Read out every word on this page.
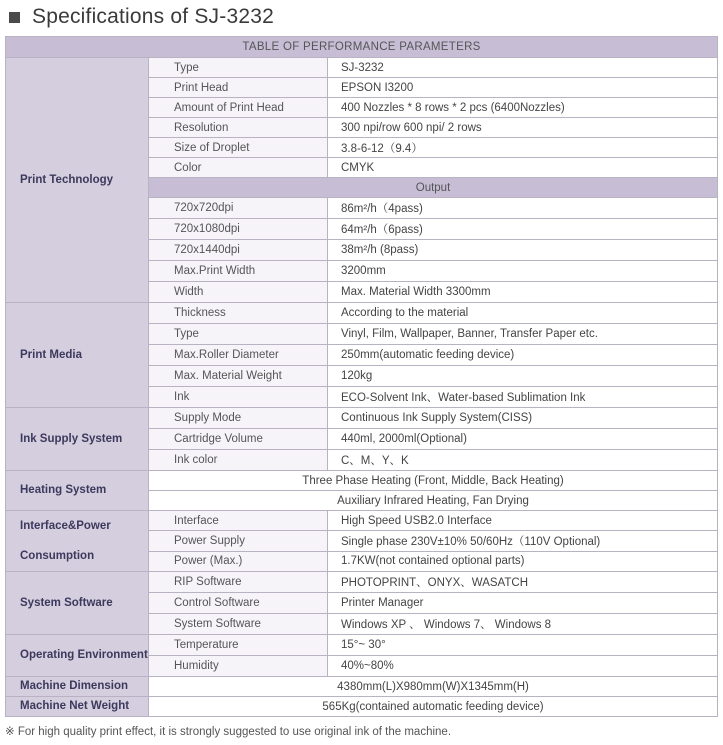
Specifications of SJ-3232
TABLE OF PERFORMANCE PARAMETERS		
Print Technology	Type	SJ-3232
	Print Head	EPSON I3200
	Amount of Print Head	400 Nozzles * 8 rows * 2 pcs (6400Nozzles)
	Resolution	300 npi/row 600 npi/ 2 rows
	Size of Droplet	3.8-6-12（9.4）
	Color	CMYK
	Output	
	720x720dpi	86m²/h（4pass)
	720x1080dpi	64m²/h（6pass)
	720x1440dpi	38m²/h (8pass)
	Max.Print Width	3200mm
	Width	Max. Material Width 3300mm
Print Media	Thickness	According to the material
	Type	Vinyl, Film, Wallpaper, Banner, Transfer Paper etc.
	Max.Roller Diameter	250mm(automatic feeding device)
	Max. Material Weight	120kg
	Ink	ECO-Solvent Ink、Water-based Sublimation Ink
Ink Supply System	Supply Mode	Continuous Ink Supply System(CISS)
	Cartridge Volume	440ml, 2000ml(Optional)
	Ink color	C、M、Y、K
Heating System	Three Phase Heating (Front, Middle, Back Heating)	
	Auxiliary Infrared Heating, Fan Drying	
Interface&Power
Consumption	Interface	High Speed USB2.0 Interface
	Power Supply	Single phase 230V±10% 50/60Hz（110V Optional)
	Power (Max.)	1.7KW(not contained optional parts)
System Software	RIP Software	PHOTOPRINT、ONYX、WASATCH
	Control Software	Printer Manager
	System Software	Windows XP 、 Windows 7、 Windows 8
Operating Environment	Temperature	15°~ 30°
	Humidity	40%~80%
Machine Dimension	4380mm(L)X980mm(W)X1345mm(H)	
Machine Net Weight	565Kg(contained automatic feeding device)	
※ For high quality print effect, it is strongly suggested to use original ink of the machine.
